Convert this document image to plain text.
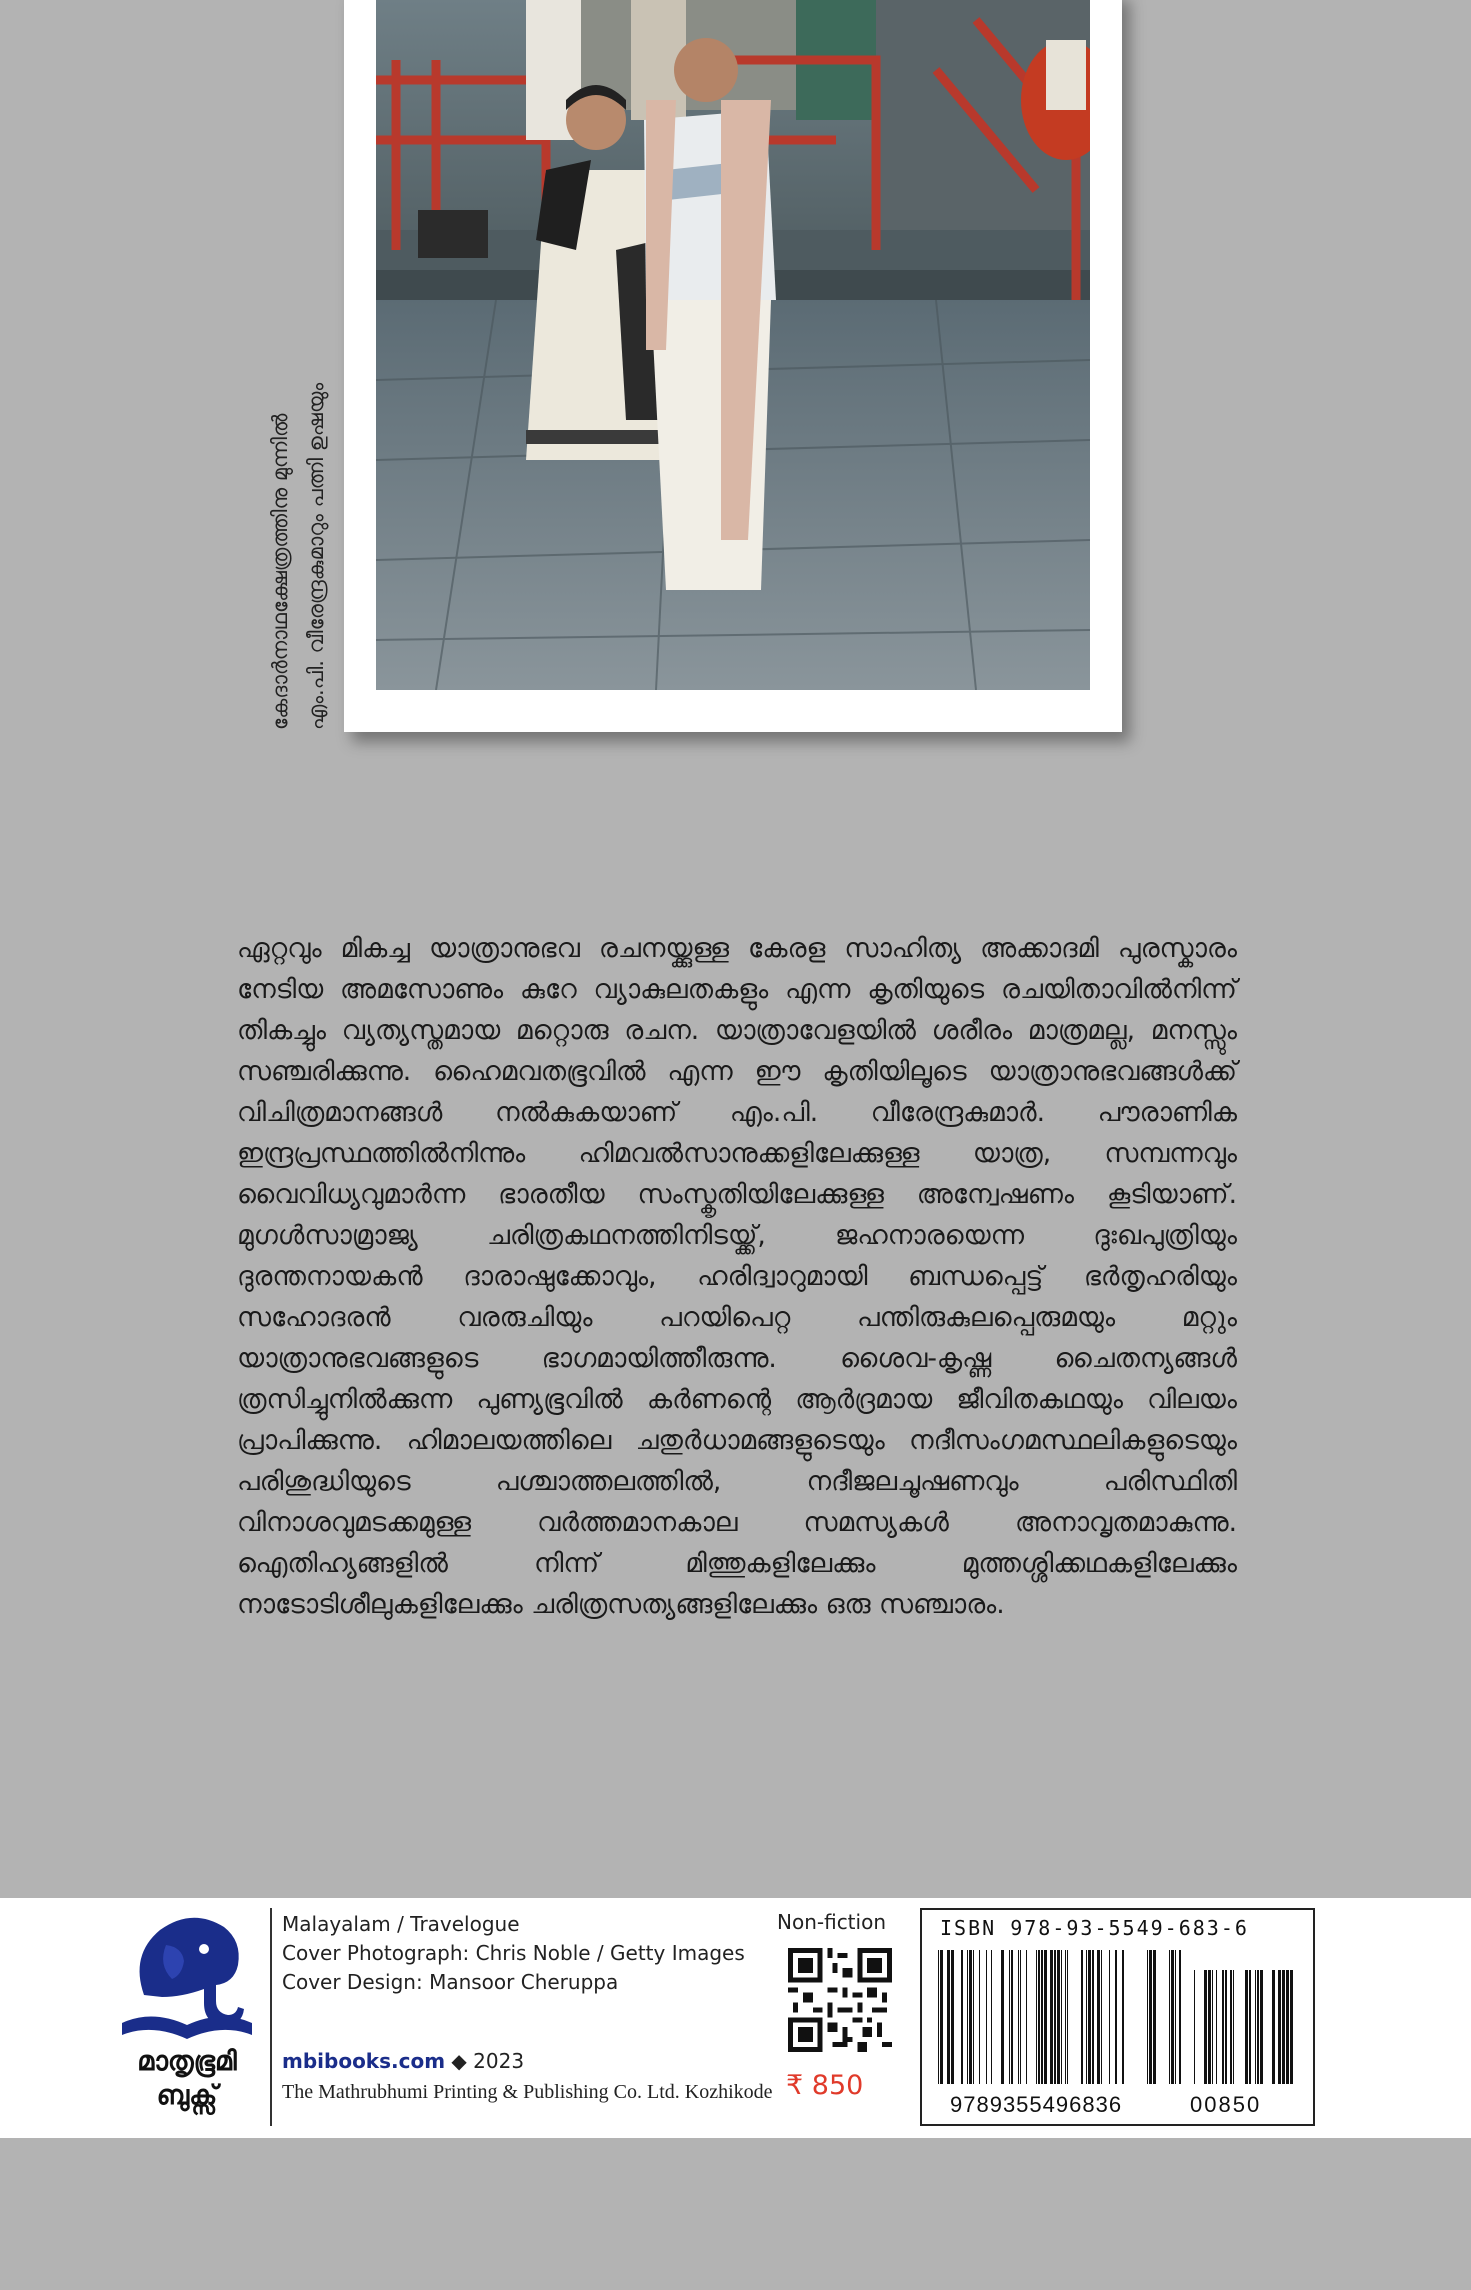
കേദാർനാഥക്ഷേത്രത്തിനു മുന്നിൽ എം.പി. വീരേന്ദ്രകുമാറും പത്നി ഉഷയും

ഏറ്റവും മികച്ച യാത്രാനുഭവ രചനയ്ക്കുള്ള കേരള സാഹിത്യ അക്കാദമി പുരസ്കാരം നേടിയ അമസോണും കുറേ വ്യാകുലതകളും എന്ന കൃതിയുടെ രചയിതാവിൽനിന്ന് തികച്ചും വ്യത്യസ്തമായ മറ്റൊരു രചന. യാത്രാവേളയിൽ ശരീരം മാത്രമല്ല, മനസ്സും സഞ്ചരിക്കുന്നു. ഹൈമവതഭൂവിൽ എന്ന ഈ കൃതിയിലൂടെ യാത്രാനുഭവങ്ങൾക്ക് വിചിത്രമാനങ്ങൾ നൽകുകയാണ് എം.പി. വീരേന്ദ്രകുമാർ. പൗരാണിക ഇന്ദ്രപ്രസ്ഥത്തിൽനിന്നും ഹിമവൽസാനുക്കളിലേക്കുള്ള യാത്ര, സമ്പന്നവും വൈവിധ്യവുമാർന്ന ഭാരതീയ സംസ്കൃതിയിലേക്കുള്ള അന്വേഷണം കൂടിയാണ്. മുഗൾസാമ്രാജ്യ ചരിത്രകഥനത്തിനിടയ്ക്ക്, ജഹനാരയെന്ന ദുഃഖപുത്രിയും ദുരന്തനായകൻ ദാരാഷുക്കോവും, ഹരിദ്വാറുമായി ബന്ധപ്പെട്ട് ഭർതൃഹരിയും സഹോദരൻ വരരുചിയും പറയിപെറ്റ പന്തിരുകുലപ്പെരുമയും മറ്റും യാത്രാനുഭവങ്ങളുടെ ഭാഗമായിത്തീരുന്നു. ശൈവ-കൃഷ്ണ ചൈതന്യങ്ങൾ ത്രസിച്ചുനിൽക്കുന്ന പുണ്യഭൂവിൽ കർണന്റെ ആർദ്രമായ ജീവിതകഥയും വിലയം പ്രാപിക്കുന്നു. ഹിമാലയത്തിലെ ചതുർധാമങ്ങളുടെയും നദീസംഗമസ്ഥലികളുടെയും പരിശുദ്ധിയുടെ പശ്ചാത്തലത്തിൽ, നദീജലചൂഷണവും പരിസ്ഥിതി വിനാശവുമടക്കമുള്ള വർത്തമാനകാല സമസ്യകൾ അനാവൃതമാകുന്നു. ഐതിഹ്യങ്ങളിൽ നിന്ന് മിത്തുകളിലേക്കും മുത്തശ്ശിക്കഥകളിലേക്കും നാടോടിശീലുകളിലേക്കും ചരിത്രസത്യങ്ങളിലേക്കും ഒരു സഞ്ചാരം.

മാതൃഭൂമി
ബുക്സ്
Malayalam / Travelogue
Cover Photograph: Chris Noble / Getty Images
Cover Design: Mansoor Cheruppa
mbibooks.com ◆ 2023
The Mathrubhumi Printing & Publishing Co. Ltd. Kozhikode
Non-fiction
₹ 850
ISBN 978-93-5549-683-6
9789355496836	00850
